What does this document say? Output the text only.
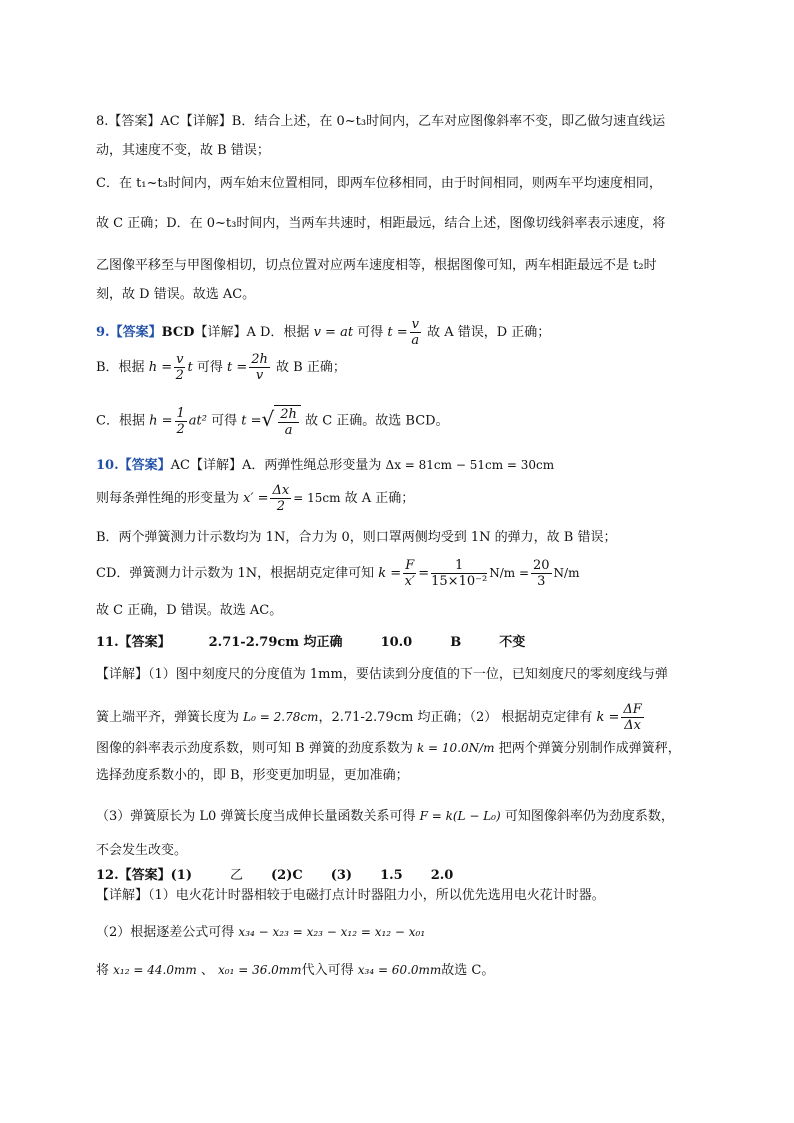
8.【答案】AC【详解】B．结合上述，在 0~t₃时间内，乙车对应图像斜率不变，即乙做匀速直线运
动，其速度不变，故 B 错误；
C．在 t₁~t₃时间内，两车始末位置相同，即两车位移相同，由于时间相同，则两车平均速度相同，
故 C 正确；D．在 0~t₃时间内，当两车共速时，相距最远，结合上述，图像切线斜率表示速度，将
乙图像平移至与甲图像相切，切点位置对应两车速度相等，根据图像可知，两车相距最远不是 t₂时
刻，故 D 错误。故选 AC。
9.【答案】BCD【详解】A D．根据 v = at 可得 $t = \frac{v}{a}$ 故 A 错误，D 正确；
B．根据 $h = \frac{v}{2}$ t 可得 $t = \frac{2h}{v}$ 故 B 正确；
C．根据 $h = \frac{1}{2} at^2$ 可得 t =√ $\frac{2h}{a}$ 故 C 正确。故选 BCD。
10.【答案】AC【详解】A．两弹性绳总形变量为 Δx = 81cm − 51cm = 30cm
则每条弹性绳的形变量为 $x' = \frac{\Delta x}{2} = 15cm$ 故 A 正确；
B．两个弹簧测力计示数均为 1N，合力为 0，则口罩两侧均受到 1N 的弹力，故 B 错误；
CD．弹簧测力计示数为 1N，根据胡克定律可知 $k = \frac{F}{x'} = \frac{1}{\text{15×10⁻²}} N/m = \frac{20}{3} N/m$
故 C 正确，D 错误。故选 AC。
11.【答案】	2.71-2.79cm 均正确	10.0	B	不变
【详解】（1）图中刻度尺的分度值为 1mm，要估读到分度值的下一位，已知刻度尺的零刻度线与弹
簧上端平齐，弹簧长度为 L₀ = 2.78cm，2.71-2.79cm 均正确；（2） 根据胡克定律有 $k = \frac{\Delta F}{\Delta x}$
图像的斜率表示劲度系数，则可知 B 弹簧的劲度系数为 k = 10.0N/m 把两个弹簧分别制作成弹簧秤，
选择劲度系数小的，即 B，形变更加明显，更加准确；
（3）弹簧原长为 L0 弹簧长度当成伸长量函数关系可得 F = k(L − L₀) 可知图像斜率仍为劲度系数，
不会发生改变。
12.【答案】(1)	乙 (2)C (3) 1.5 2.0
【详解】（1）电火花计时器相较于电磁打点计时器阻力小，所以优先选用电火花计时器。
（2）根据逐差公式可得 x₃₄ − x₂₃ = x₂₃ − x₁₂ = x₁₂ − x₀₁
将 x₁₂ = 44.0mm 、 x₀₁ = 36.0mm代入可得 x₃₄ = 60.0mm故选 C。
